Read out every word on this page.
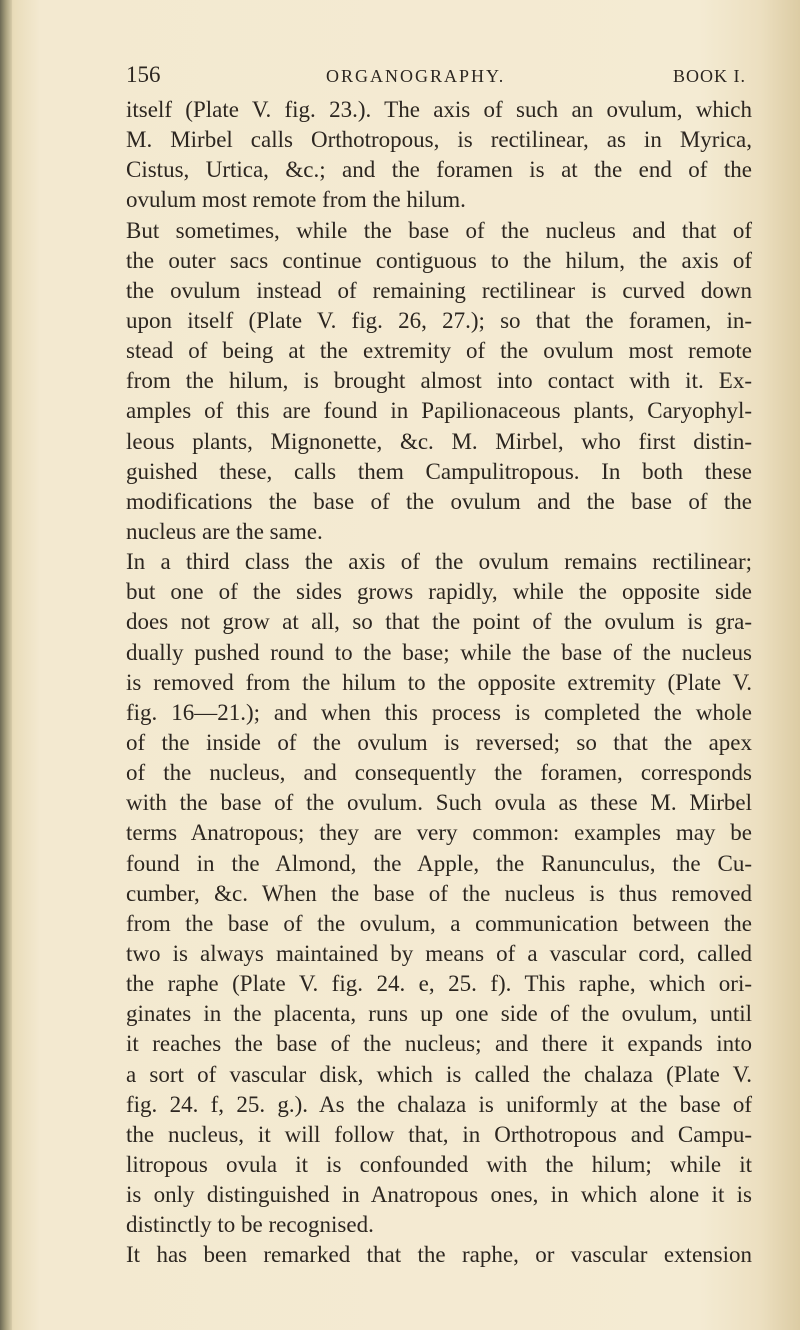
156	ORGANOGRAPHY.	BOOK I.
itself (Plate V. fig. 23.). The axis of such an ovulum, which
M. Mirbel calls Orthotropous, is rectilinear, as in Myrica,
Cistus, Urtica, &c.; and the foramen is at the end of the
ovulum most remote from the hilum.
But sometimes, while the base of the nucleus and that of
the outer sacs continue contiguous to the hilum, the axis of
the ovulum instead of remaining rectilinear is curved down
upon itself (Plate V. fig. 26, 27.); so that the foramen, in-
stead of being at the extremity of the ovulum most remote
from the hilum, is brought almost into contact with it. Ex-
amples of this are found in Papilionaceous plants, Caryophyl-
leous plants, Mignonette, &c. M. Mirbel, who first distin-
guished these, calls them Campulitropous. In both these
modifications the base of the ovulum and the base of the
nucleus are the same.
In a third class the axis of the ovulum remains rectilinear;
but one of the sides grows rapidly, while the opposite side
does not grow at all, so that the point of the ovulum is gra-
dually pushed round to the base; while the base of the nucleus
is removed from the hilum to the opposite extremity (Plate V.
fig. 16—21.); and when this process is completed the whole
of the inside of the ovulum is reversed; so that the apex
of the nucleus, and consequently the foramen, corresponds
with the base of the ovulum. Such ovula as these M. Mirbel
terms Anatropous; they are very common: examples may be
found in the Almond, the Apple, the Ranunculus, the Cu-
cumber, &c. When the base of the nucleus is thus removed
from the base of the ovulum, a communication between the
two is always maintained by means of a vascular cord, called
the raphe (Plate V. fig. 24. e, 25. f). This raphe, which ori-
ginates in the placenta, runs up one side of the ovulum, until
it reaches the base of the nucleus; and there it expands into
a sort of vascular disk, which is called the chalaza (Plate V.
fig. 24. f, 25. g.). As the chalaza is uniformly at the base of
the nucleus, it will follow that, in Orthotropous and Campu-
litropous ovula it is confounded with the hilum; while it
is only distinguished in Anatropous ones, in which alone it is
distinctly to be recognised.
It has been remarked that the raphe, or vascular extension
